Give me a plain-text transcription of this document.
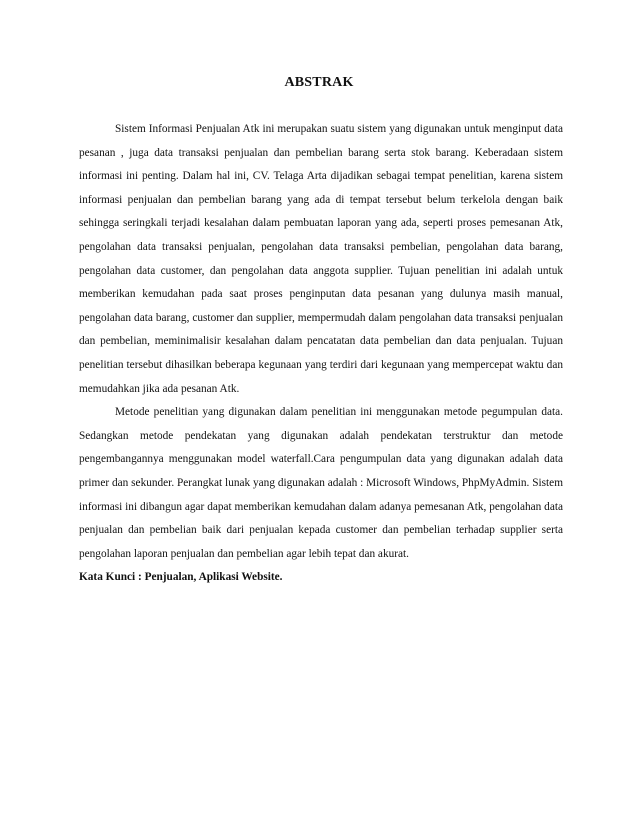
ABSTRAK

Sistem Informasi Penjualan Atk ini merupakan suatu sistem yang digunakan untuk menginput data pesanan , juga data transaksi penjualan dan pembelian barang serta stok barang. Keberadaan sistem informasi ini penting. Dalam hal ini, CV. Telaga Arta dijadikan sebagai tempat penelitian, karena sistem informasi penjualan dan pembelian barang yang ada di tempat tersebut belum terkelola dengan baik sehingga seringkali terjadi kesalahan dalam pembuatan laporan yang ada, seperti proses pemesanan Atk, pengolahan data transaksi penjualan, pengolahan data transaksi pembelian, pengolahan data barang, pengolahan data customer, dan pengolahan data anggota supplier. Tujuan penelitian ini adalah untuk memberikan kemudahan pada saat proses penginputan data pesanan yang dulunya masih manual, pengolahan data barang, customer dan supplier, mempermudah dalam pengolahan data transaksi penjualan dan pembelian, meminimalisir kesalahan dalam pencatatan data pembelian dan data penjualan. Tujuan penelitian tersebut dihasilkan beberapa kegunaan yang terdiri dari kegunaan yang mempercepat waktu dan memudahkan jika ada pesanan Atk.

Metode penelitian yang digunakan dalam penelitian ini menggunakan metode pegumpulan data. Sedangkan metode pendekatan yang digunakan adalah pendekatan terstruktur dan metode pengembangannya menggunakan model waterfall.Cara pengumpulan data yang digunakan adalah data primer dan sekunder. Perangkat lunak yang digunakan adalah : Microsoft Windows, PhpMyAdmin. Sistem informasi ini dibangun agar dapat memberikan kemudahan dalam adanya pemesanan Atk, pengolahan data penjualan dan pembelian baik dari penjualan kepada customer dan pembelian terhadap supplier serta pengolahan laporan penjualan dan pembelian agar lebih tepat dan akurat.

Kata Kunci : Penjualan, Aplikasi Website.
